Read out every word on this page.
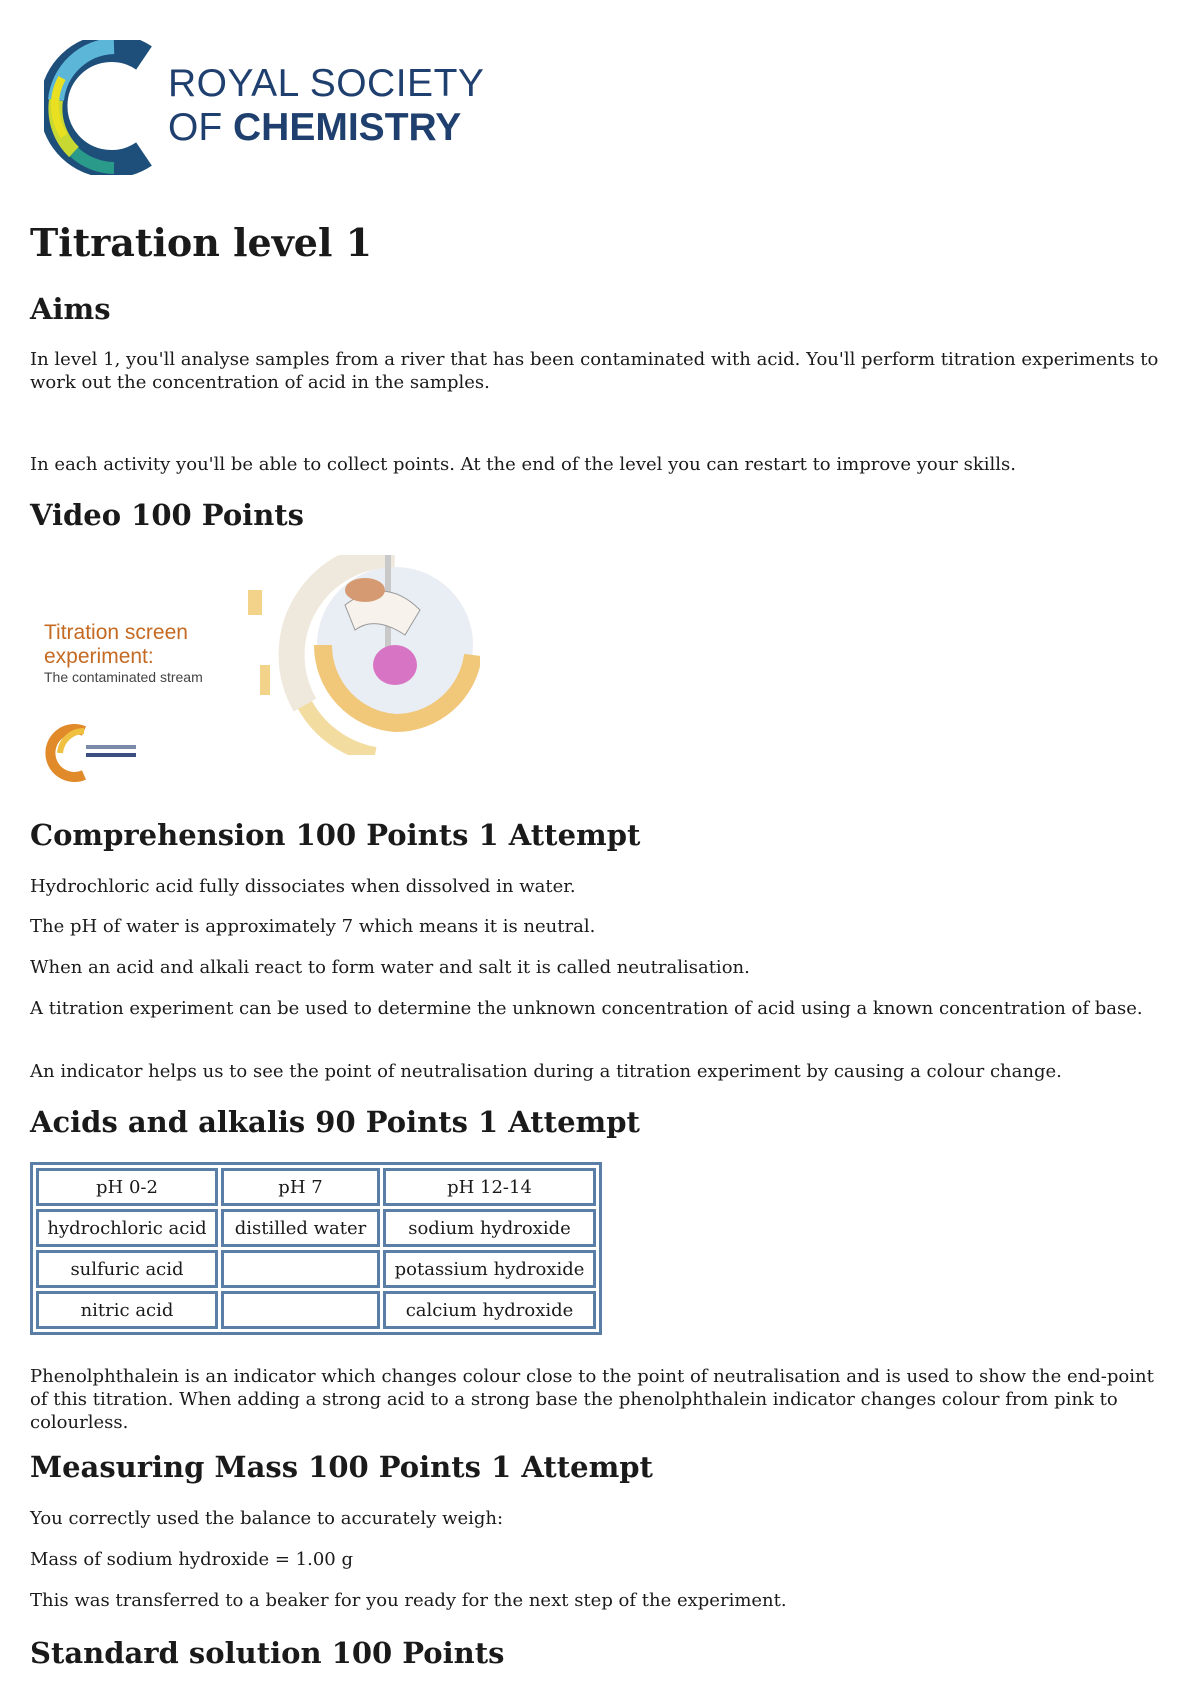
ROYAL SOCIETY
OF CHEMISTRY
Titration level 1
Aims

In level 1, you'll analyse samples from a river that has been contaminated with acid. You'll perform titration experiments to work out the concentration of acid in the samples.

In each activity you'll be able to collect points. At the end of the level you can restart to improve your skills.

Video 100 Points
Titration screen
experiment:
The contaminated stream
Comprehension 100 Points 1 Attempt

Hydrochloric acid fully dissociates when dissolved in water.

The pH of water is approximately 7 which means it is neutral.

When an acid and alkali react to form water and salt it is called neutralisation.

A titration experiment can be used to determine the unknown concentration of acid using a known concentration of base.

An indicator helps us to see the point of neutralisation during a titration experiment by causing a colour change.

Acids and alkalis 90 Points 1 Attempt
pH 0-2	pH 7	pH 12-14
hydrochloric acid	distilled water	sodium hydroxide
sulfuric acid		potassium hydroxide
nitric acid		calcium hydroxide

Phenolphthalein is an indicator which changes colour close to the point of neutralisation and is used to show the end-point of this titration. When adding a strong acid to a strong base the phenolphthalein indicator changes colour from pink to colourless.

Measuring Mass 100 Points 1 Attempt

You correctly used the balance to accurately weigh:

Mass of sodium hydroxide = 1.00 g

This was transferred to a beaker for you ready for the next step of the experiment.

Standard solution 100 Points
